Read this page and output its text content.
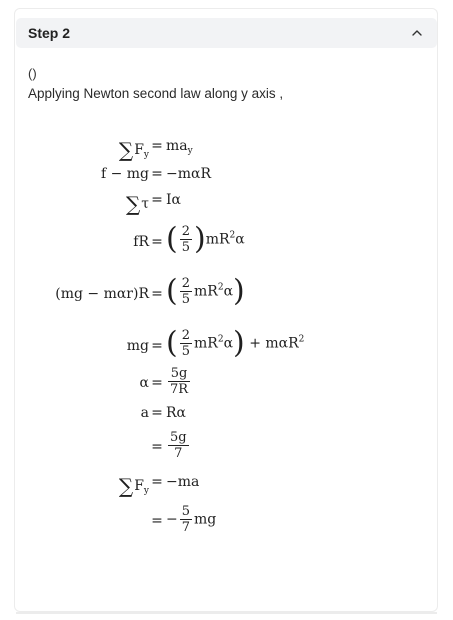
Step 2
()
Applying Newton second law along y axis ,
$\sum F_y$
= $ma_y$
f − mg = −mαR
∑τ = Iα
fR = ( $\frac{2}{5} )mR^2\alpha$
(mg − mαr)R = ( $\frac{2}{5} mR^2\alpha$)
mg = ( $\frac{2}{5} mR^2\alpha) + m\alpha R^2$
$\alpha = \frac{5g}{7R}$
a = Rα
= $\frac{5g}{7}$
$\sum F_y$
= −ma
= − $\frac{5}{7}$ mg
